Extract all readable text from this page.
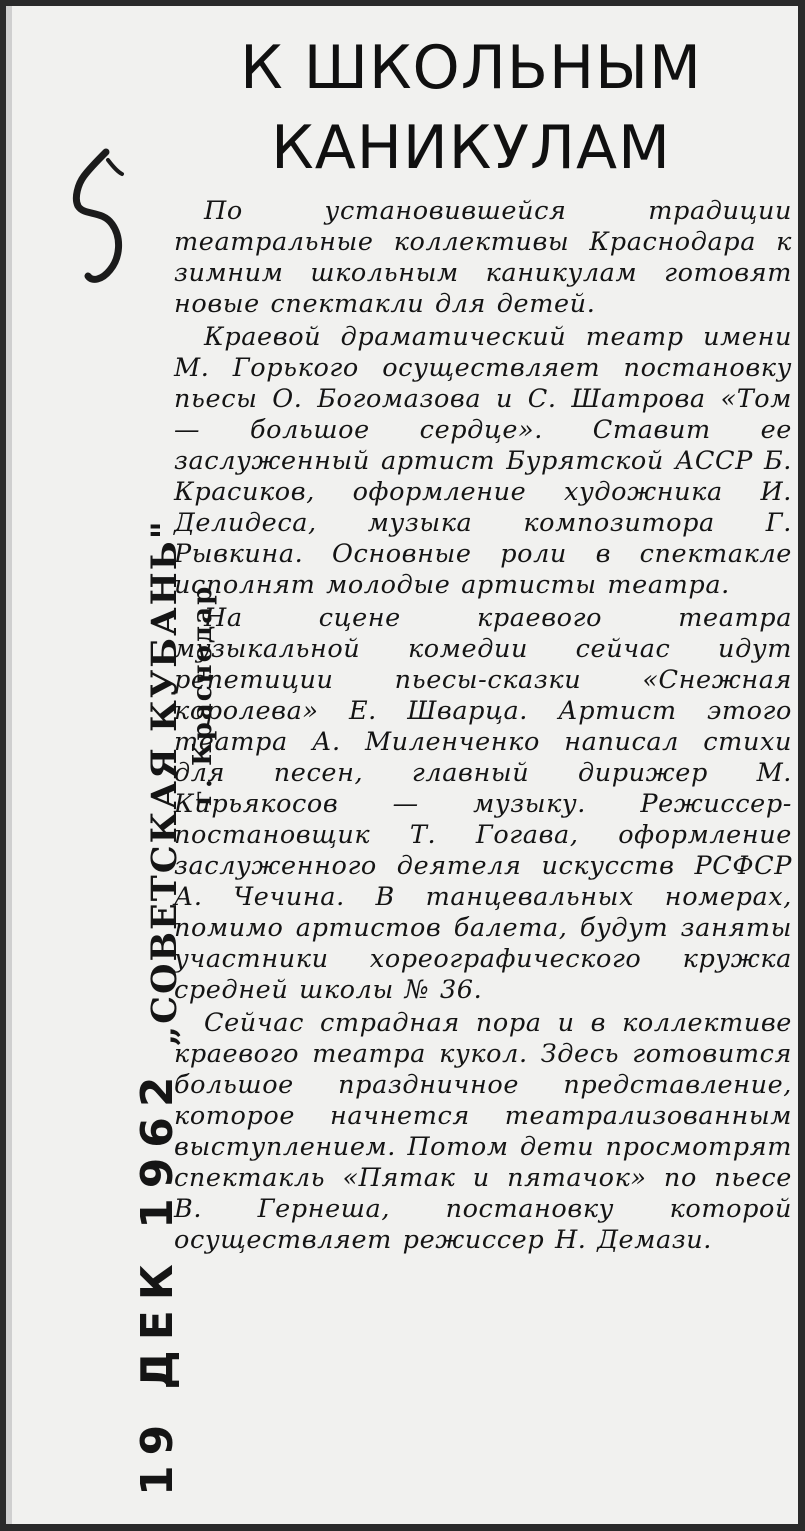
К ШКОЛЬНЫМ
КАНИКУЛАМ
„СОВЕТСКАЯ КУБАНЬ" г. Краснодар
19 ДЕК 1962

По установившейся традиции театральные коллективы Краснодара к зимним школьным каникулам готовят новые спектакли для детей.

Краевой драматический театр имени М. Горького осуществляет постановку пьесы О. Богомазова и С. Шатрова «Том — большое сердце». Ставит ее заслуженный артист Бурятской АССР Б. Красиков, оформление художника И. Делидеса, музыка композитора Г. Рывкина. Основные роли в спектакле исполнят молодые артисты театра.

На сцене краевого театра музыкальной комедии сейчас идут репетиции пьесы-сказки «Снежная королева» Е. Шварца. Артист этого театра А. Миленченко написал стихи для песен, главный дирижер М. Кирьякосов — музыку. Режиссер-постановщик Т. Гогава, оформление заслуженного деятеля искусств РСФСР А. Чечина. В танцевальных номерах, помимо артистов балета, будут заняты участники хореографического кружка средней школы № 36.

Сейчас страдная пора и в коллективе краевого театра кукол. Здесь готовится большое праздничное представление, которое начнется театрализованным выступлением. Потом дети просмотрят спектакль «Пятак и пятачок» по пьесе В. Гернеша, постановку которой осуществляет режиссер Н. Демази.
